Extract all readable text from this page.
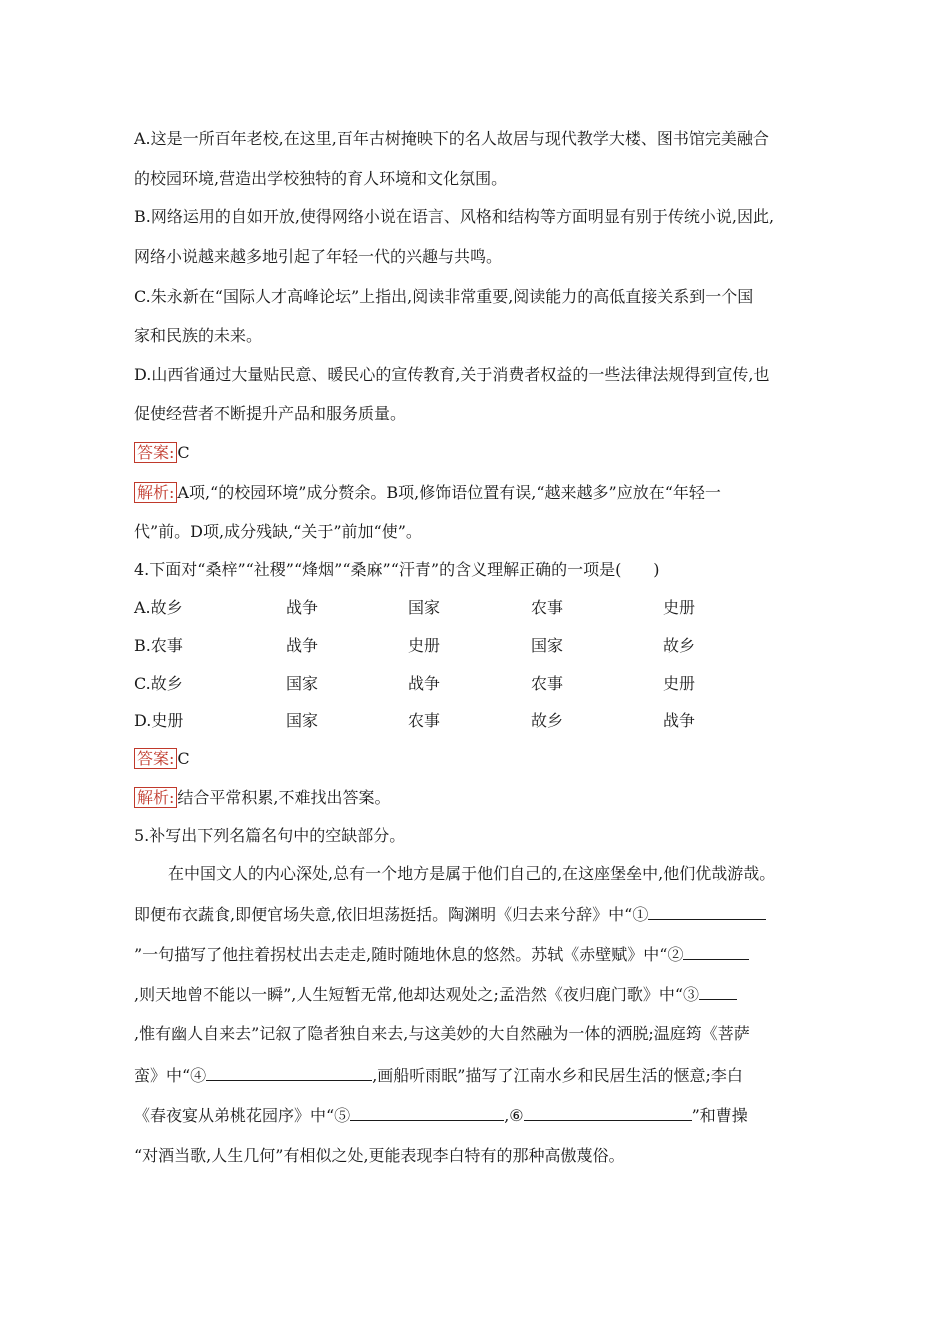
A.这是一所百年老校,在这里,百年古树掩映下的名人故居与现代教学大楼、图书馆完美融合
的校园环境,营造出学校独特的育人环境和文化氛围。
B.网络运用的自如开放,使得网络小说在语言、风格和结构等方面明显有别于传统小说,因此,
网络小说越来越多地引起了年轻一代的兴趣与共鸣。
C.朱永新在“国际人才高峰论坛”上指出,阅读非常重要,阅读能力的高低直接关系到一个国
家和民族的未来。
D.山西省通过大量贴民意、暖民心的宣传教育,关于消费者权益的一些法律法规得到宣传,也
促使经营者不断提升产品和服务质量。
答案: C
解析: A项,“的校园环境”成分赘余。B项,修饰语位置有误,“越来越多”应放在“年轻一
代”前。D项,成分残缺,“关于”前加“使”。
4.下面对“桑梓”“社稷”“烽烟”“桑麻”“汗青”的含义理解正确的一项是(　　)
A.故乡	战争	国家	农事	史册
B.农事	战争	史册	国家	故乡
C.故乡	国家	战争	农事	史册
D.史册	国家	农事	故乡	战争
答案: C
解析: 结合平常积累,不难找出答案。
5.补写出下列名篇名句中的空缺部分。
在中国文人的内心深处,总有一个地方是属于他们自己的,在这座堡垒中,他们优哉游哉。
即便布衣蔬食,即便官场失意,依旧坦荡挺括。陶渊明《归去来兮辞》中“①
”一句描写了他拄着拐杖出去走走,随时随地休息的悠然。苏轼《赤壁赋》中“②
,则天地曾不能以一瞬”,人生短暂无常,他却达观处之;孟浩然《夜归鹿门歌》中“③
,惟有幽人自来去”记叙了隐者独自来去,与这美妙的大自然融为一体的洒脱;温庭筠《菩萨
蛮》中“④	,画船听雨眠”描写了江南水乡和民居生活的惬意;李白
《春夜宴从弟桃花园序》中“⑤	,⑥	”和曹操
“对酒当歌,人生几何”有相似之处,更能表现李白特有的那种高傲蔑俗。
